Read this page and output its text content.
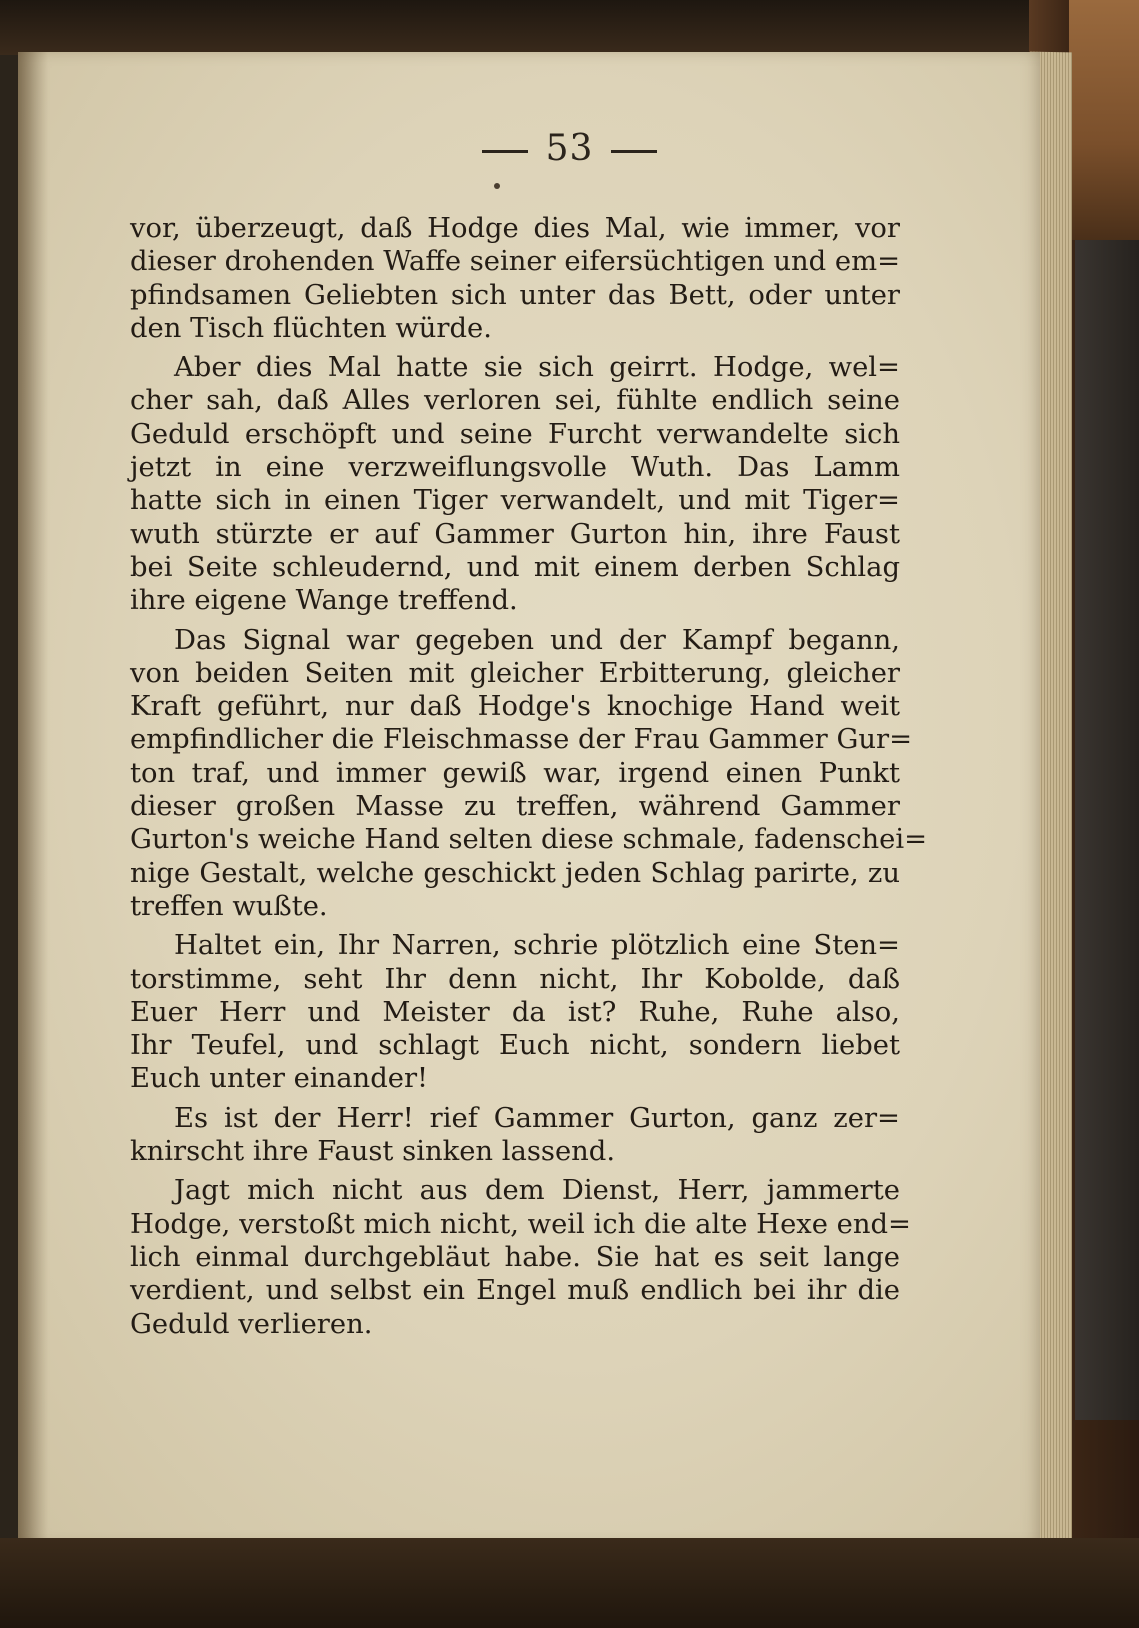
53
vor, überzeugt, daß Hodge dies Mal, wie immer, vor
dieser drohenden Waffe seiner eifersüchtigen und em=
pfindsamen Geliebten sich unter das Bett, oder unter
den Tisch flüchten würde.
Aber dies Mal hatte sie sich geirrt. Hodge, wel=
cher sah, daß Alles verloren sei, fühlte endlich seine
Geduld erschöpft und seine Furcht verwandelte sich
jetzt in eine verzweiflungsvolle Wuth. Das Lamm
hatte sich in einen Tiger verwandelt, und mit Tiger=
wuth stürzte er auf Gammer Gurton hin, ihre Faust
bei Seite schleudernd, und mit einem derben Schlag
ihre eigene Wange treffend.
Das Signal war gegeben und der Kampf begann,
von beiden Seiten mit gleicher Erbitterung, gleicher
Kraft geführt, nur daß Hodge's knochige Hand weit
empfindlicher die Fleischmasse der Frau Gammer Gur=
ton traf, und immer gewiß war, irgend einen Punkt
dieser großen Masse zu treffen, während Gammer
Gurton's weiche Hand selten diese schmale, fadenschei=
nige Gestalt, welche geschickt jeden Schlag parirte, zu
treffen wußte.
Haltet ein, Ihr Narren, schrie plötzlich eine Sten=
torstimme, seht Ihr denn nicht, Ihr Kobolde, daß
Euer Herr und Meister da ist? Ruhe, Ruhe also,
Ihr Teufel, und schlagt Euch nicht, sondern liebet
Euch unter einander!
Es ist der Herr! rief Gammer Gurton, ganz zer=
knirscht ihre Faust sinken lassend.
Jagt mich nicht aus dem Dienst, Herr, jammerte
Hodge, verstoßt mich nicht, weil ich die alte Hexe end=
lich einmal durchgebläut habe. Sie hat es seit lange
verdient, und selbst ein Engel muß endlich bei ihr die
Geduld verlieren.
